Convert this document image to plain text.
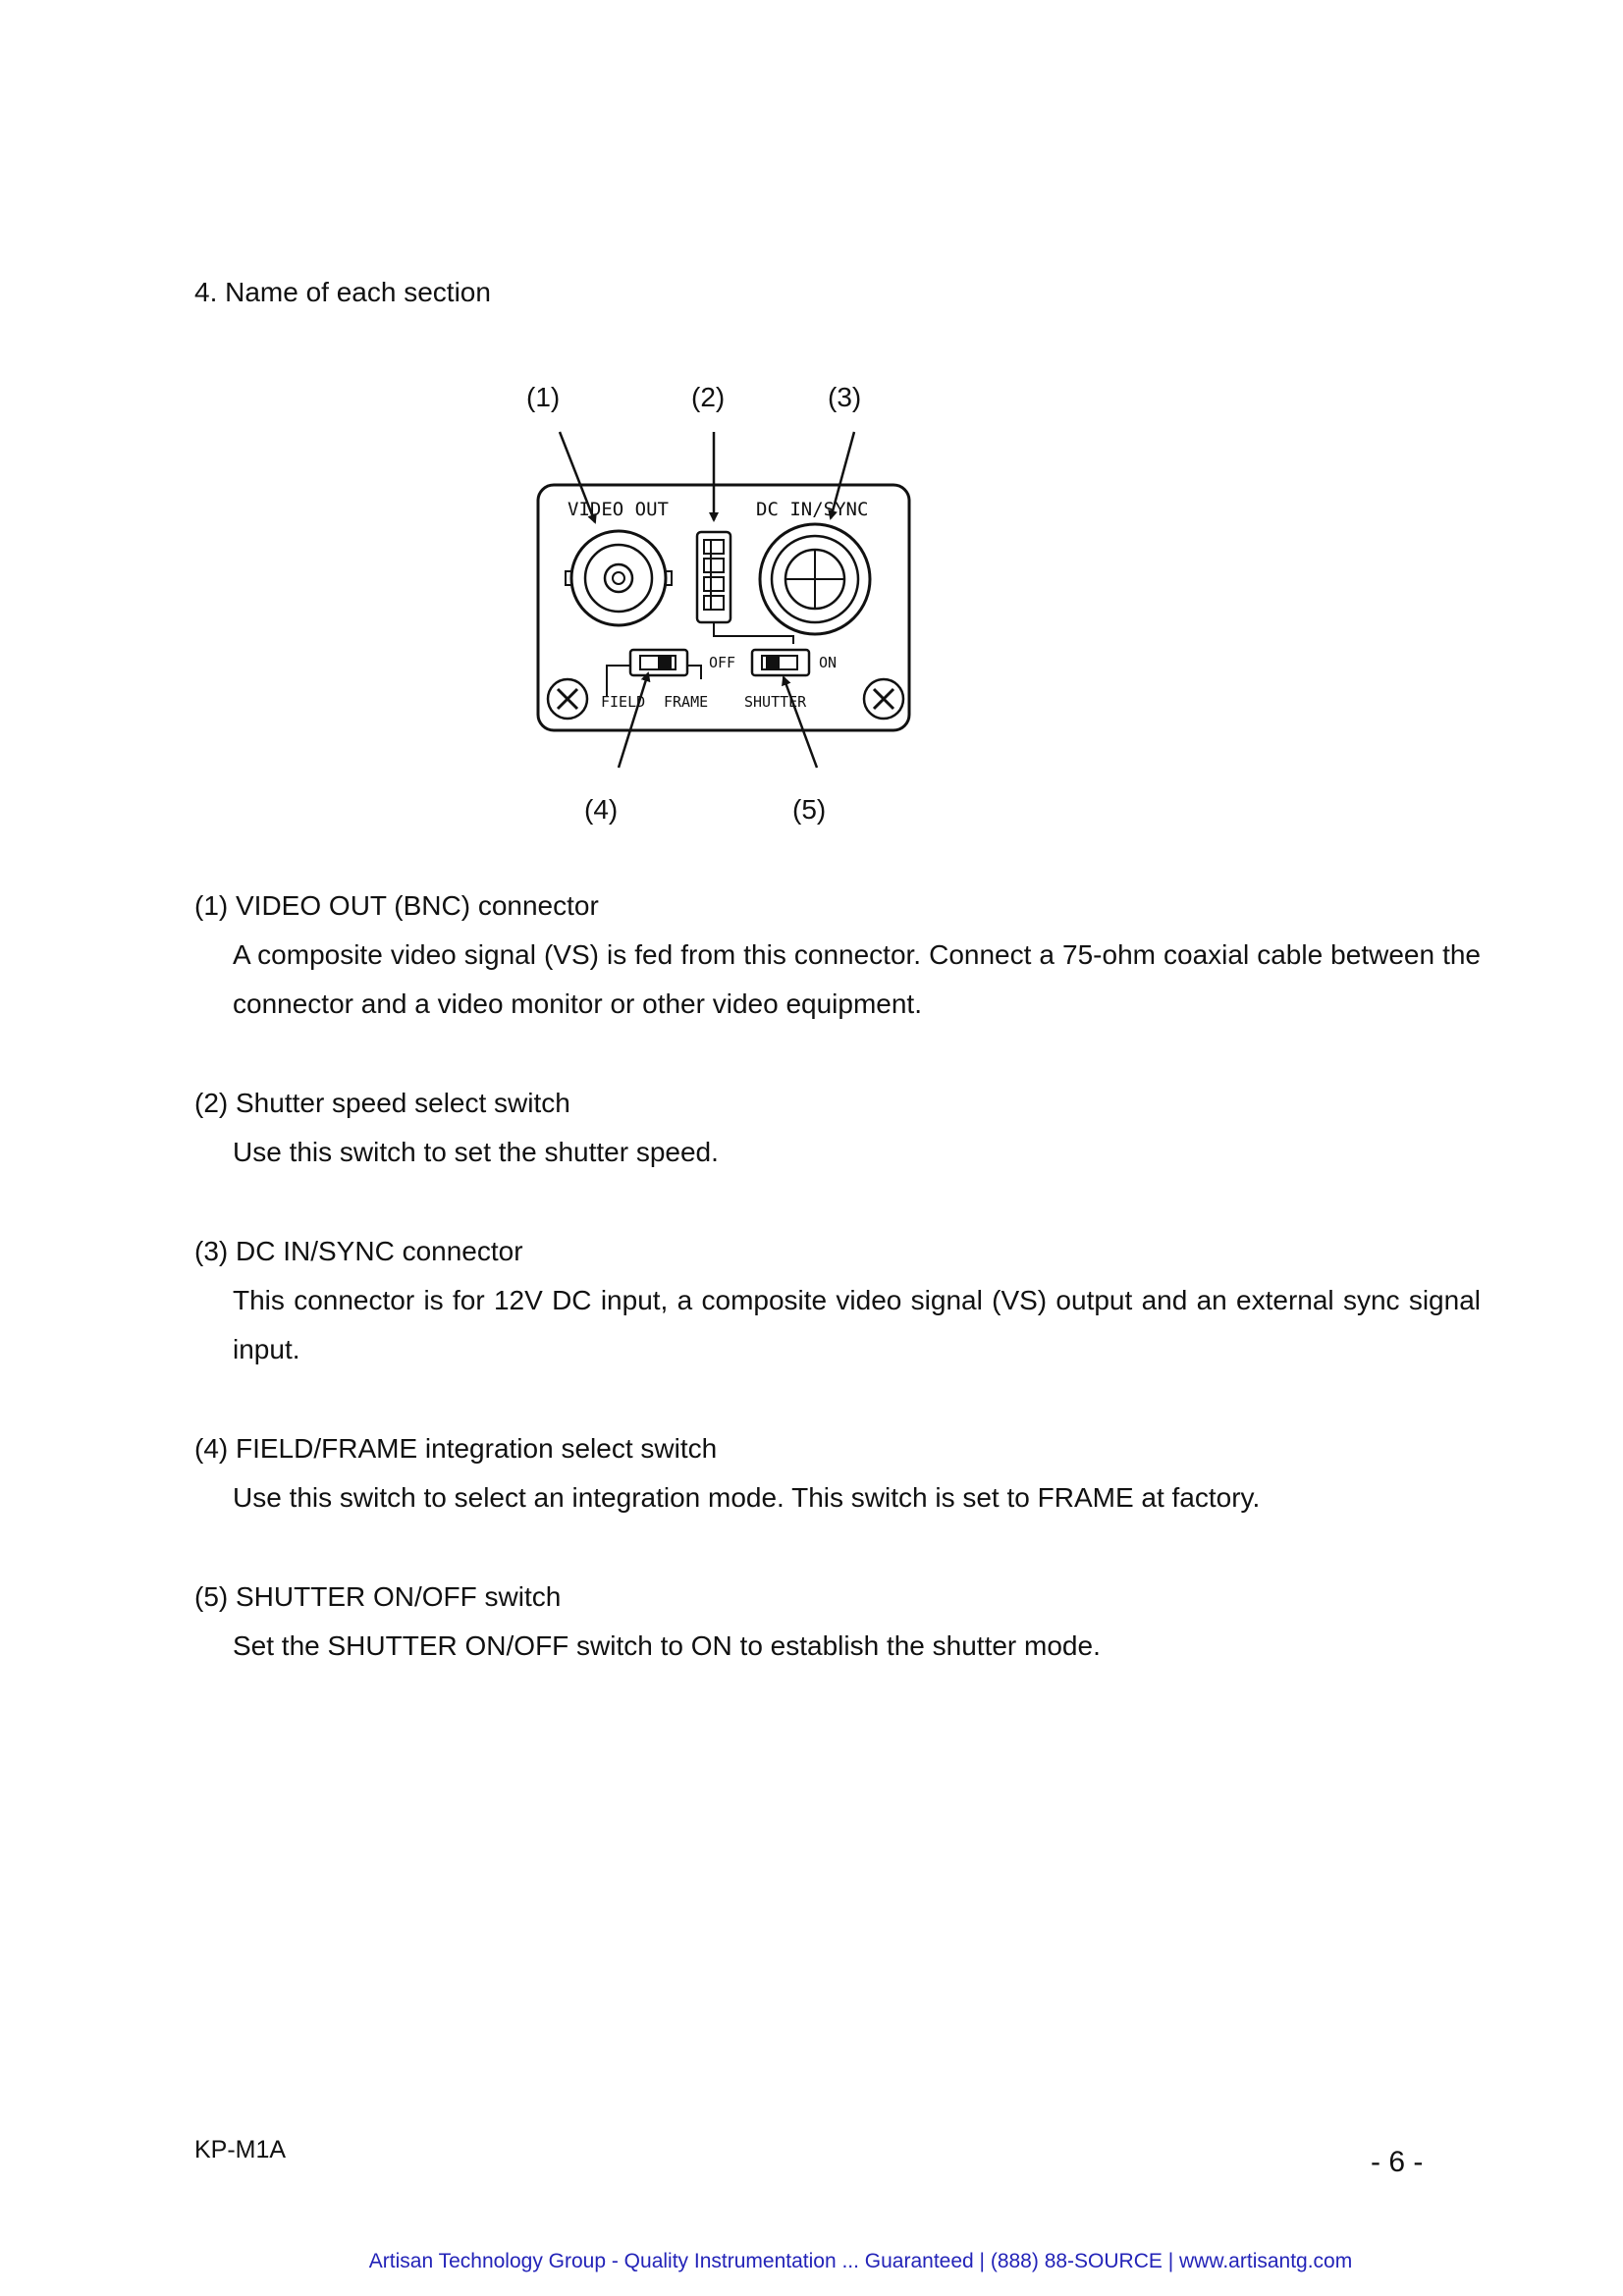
4. Name of each section
(1)	(2)	(3)
(4)	(5)
VIDEO OUT	DC IN/SYNC
OFF	ON
FIELD FRAME SHUTTER
(1) VIDEO OUT (BNC) connector
A composite video signal (VS) is fed from this connector. Connect a 75-ohm coaxial cable between the connector and a video monitor or other video equipment.
(2) Shutter speed select switch
Use this switch to set the shutter speed.
(3) DC IN/SYNC connector
This connector is for 12V DC input, a composite video signal (VS) output and an external sync signal input.
(4) FIELD/FRAME integration select switch
Use this switch to select an integration mode. This switch is set to FRAME at factory.
(5) SHUTTER ON/OFF switch
Set the SHUTTER ON/OFF switch to ON to establish the shutter mode.
KP-M1A	- 6 -
Artisan Technology Group - Quality Instrumentation ... Guaranteed | (888) 88-SOURCE | www.artisantg.com
